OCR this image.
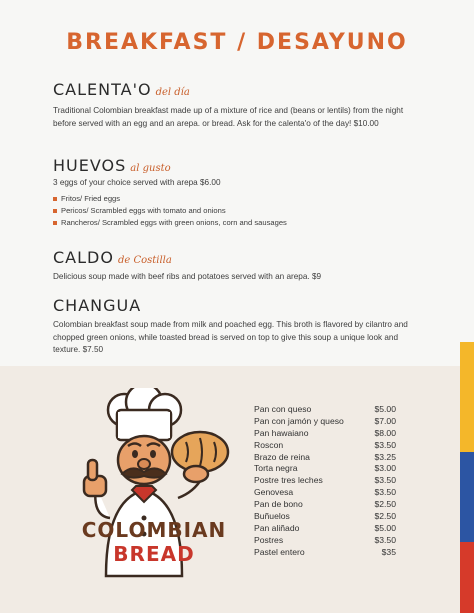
BREAKFAST / DESAYUNO
CALENTA'O del día
Traditional Colombian breakfast made up of a mixture of rice and (beans or lentils) from the night before served with an egg and an arepa. or bread. Ask for the calenta'o of the day! $10.00
HUEVOS al gusto
3 eggs of your choice served with arepa $6.00
Fritos/ Fried eggs
Pericos/ Scrambled eggs with tomato and onions
Rancheros/ Scrambled eggs with green onions, corn and sausages
CALDO de Costilla
Delicious soup made with beef ribs and potatoes served with an arepa. $9
CHANGUA
Colombian breakfast soup made from milk and poached egg. This broth is flavored by cilantro and chopped green onions, while toasted bread is served on top to give this soup a unique look and texture. $7.50
COLOMBIAN
BREAD
Pan con queso	$5.00
Pan con jamón y queso	$7.00
Pan hawaiano	$8.00
Roscon	$3.50
Brazo de reina	$3.25
Torta negra	$3.00
Postre tres leches	$3.50
Genovesa	$3.50
Pan de bono	$2.50
Buñuelos	$2.50
Pan aliñado	$5.00
Postres	$3.50
Pastel entero	$35
